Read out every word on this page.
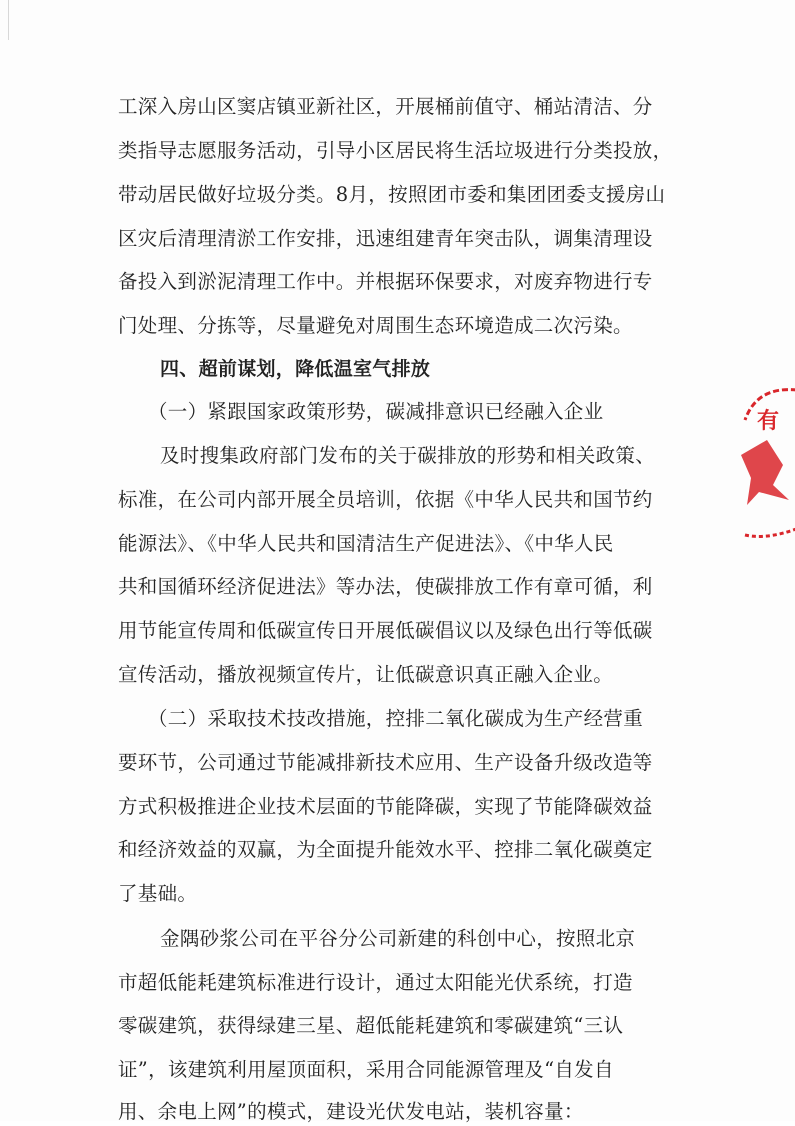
工深入房山区窦店镇亚新社区，开展桶前值守、桶站清洁、分
类指导志愿服务活动，引导小区居民将生活垃圾进行分类投放，
带动居民做好垃圾分类。8月，按照团市委和集团团委支援房山
区灾后清理清淤工作安排，迅速组建青年突击队，调集清理设
备投入到淤泥清理工作中。并根据环保要求，对废弃物进行专
门处理、分拣等，尽量避免对周围生态环境造成二次污染。
四、超前谋划，降低温室气排放
（一）紧跟国家政策形势，碳减排意识已经融入企业
及时搜集政府部门发布的关于碳排放的形势和相关政策、
标准，在公司内部开展全员培训，依据《中华人民共和国节约
能源法》、《中华人民共和国清洁生产促进法》、《中华人民
共和国循环经济促进法》等办法，使碳排放工作有章可循，利
用节能宣传周和低碳宣传日开展低碳倡议以及绿色出行等低碳
宣传活动，播放视频宣传片，让低碳意识真正融入企业。
（二）采取技术技改措施，控排二氧化碳成为生产经营重
要环节，公司通过节能减排新技术应用、生产设备升级改造等
方式积极推进企业技术层面的节能降碳，实现了节能降碳效益
和经济效益的双赢，为全面提升能效水平、控排二氧化碳奠定
了基础。
金隅砂浆公司在平谷分公司新建的科创中心，按照北京
市超低能耗建筑标准进行设计，通过太阳能光伏系统，打造
零碳建筑，获得绿建三星、超低能耗建筑和零碳建筑“三认
证”，该建筑利用屋顶面积，采用合同能源管理及“自发自
用、余电上网”的模式，建设光伏发电站，装机容量：
有
